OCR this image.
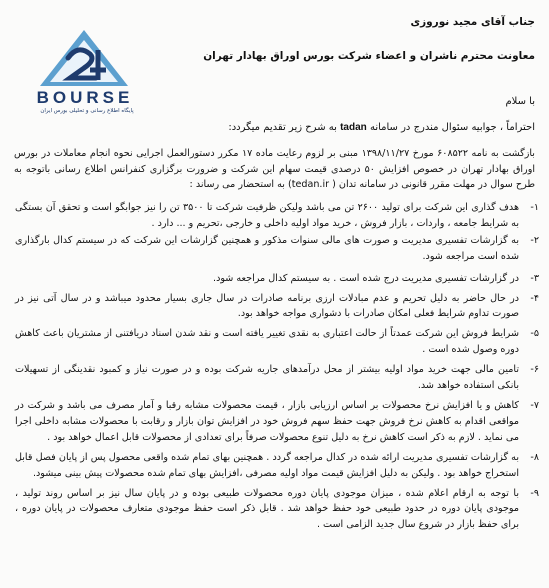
BOURSE
پایگاه اطلاع رسانی و تحلیلی بورس ایران

جناب آقای مجید نوروزی

معاونت محترم ناشران و اعضاء شرکت بورس اوراق بهادار تهران

با سلام
احتراماً ، جوابیه سئوال مندرج در سامانه tadan به شرح زیر تقدیم میگردد:
بازگشت به نامه ۶۰۸۵۲۲ مورخ ۱۳۹۸/۱۱/۲۷ مبنی بر لزوم رعایت ماده ۱۷ مکرر دستورالعمل اجرایی نحوه انجام معاملات در بورس اوراق بهادار تهران در خصوص افزایش ۵۰ درصدی قیمت سهام این شرکت و ضرورت برگزاری کنفرانس اطلاع رسانی باتوجه به طرح سوال در مهلت مقرر قانونی در سامانه تدان ( tedan.ir) به استحضار می رساند :
۱-
هدف گذاری این شرکت برای تولید ۲۶۰۰ تن می باشد ولیکن ظرفیت شرکت تا ۳۵۰۰ تن را نیز جوابگو است و تحقق آن بستگی به شرایط جامعه ، واردات ، بازار فروش ، خرید مواد اولیه داخلی و خارجی ،تحریم و ... دارد .
۲-
به گزارشات تفسیری مدیریت و صورت های مالی سنوات مذکور و همچنین گزارشات این شرکت که در سیستم کدال بارگذاری شده است مراجعه شود.
۳-
در گزارشات تفسیری مدیریت درج شده است . به سیستم کدال مراجعه شود.
۴-
در حال حاضر به دلیل تحریم و عدم مبادلات ارزی برنامه صادرات در سال جاری بسیار محدود میباشد و در سال آتی نیز در صورت تداوم شرایط فعلی امکان صادرات با دشواری مواجه خواهد بود.
۵-
شرایط فروش این شرکت عمدتاً از حالت اعتباری به نقدی تغییر یافته است و نقد شدن اسناد دریافتنی از مشتریان باعث کاهش دوره وصول شده است .
۶-
تامین مالی جهت خرید مواد اولیه بیشتر از محل درآمدهای جاریه شرکت بوده و در صورت نیاز و کمبود نقدینگی از تسهیلات بانکی استفاده خواهد شد.
۷-
کاهش و یا افزایش نرخ محصولات بر اساس ارزیابی بازار ، قیمت محصولات مشابه رقبا و آمار مصرف می باشد و شرکت در مواقعی اقدام به کاهش نرخ فروش جهت حفظ سهم فروش خود در افزایش توان بازار و رقابت با محصولات مشابه داخلی اجرا می نماید . لازم به ذکر است کاهش نرخ به دلیل تنوع محصولات صرفاً برای تعدادی از محصولات قابل اعمال خواهد بود .
۸-
به گزارشات تفسیری مدیریت ارائه شده در کدال مراجعه گردد . همچنین بهای تمام شده واقعی محصول پس از پایان فصل قابل استخراج خواهد بود . ولیکن به دلیل افزایش قیمت مواد اولیه مصرفی ،افزایش بهای تمام شده محصولات پیش بینی میشود.
۹-
با توجه به ارقام اعلام شده ، میزان موجودی پایان دوره محصولات طبیعی بوده و در پایان سال نیز بر اساس روند تولید ، موجودی پایان دوره در حدود طبیعی خود حفظ خواهد شد . قابل ذکر است حفظ موجودی متعارف محصولات در پایان دوره ، برای حفظ بازار در شروع سال جدید الزامی است .
